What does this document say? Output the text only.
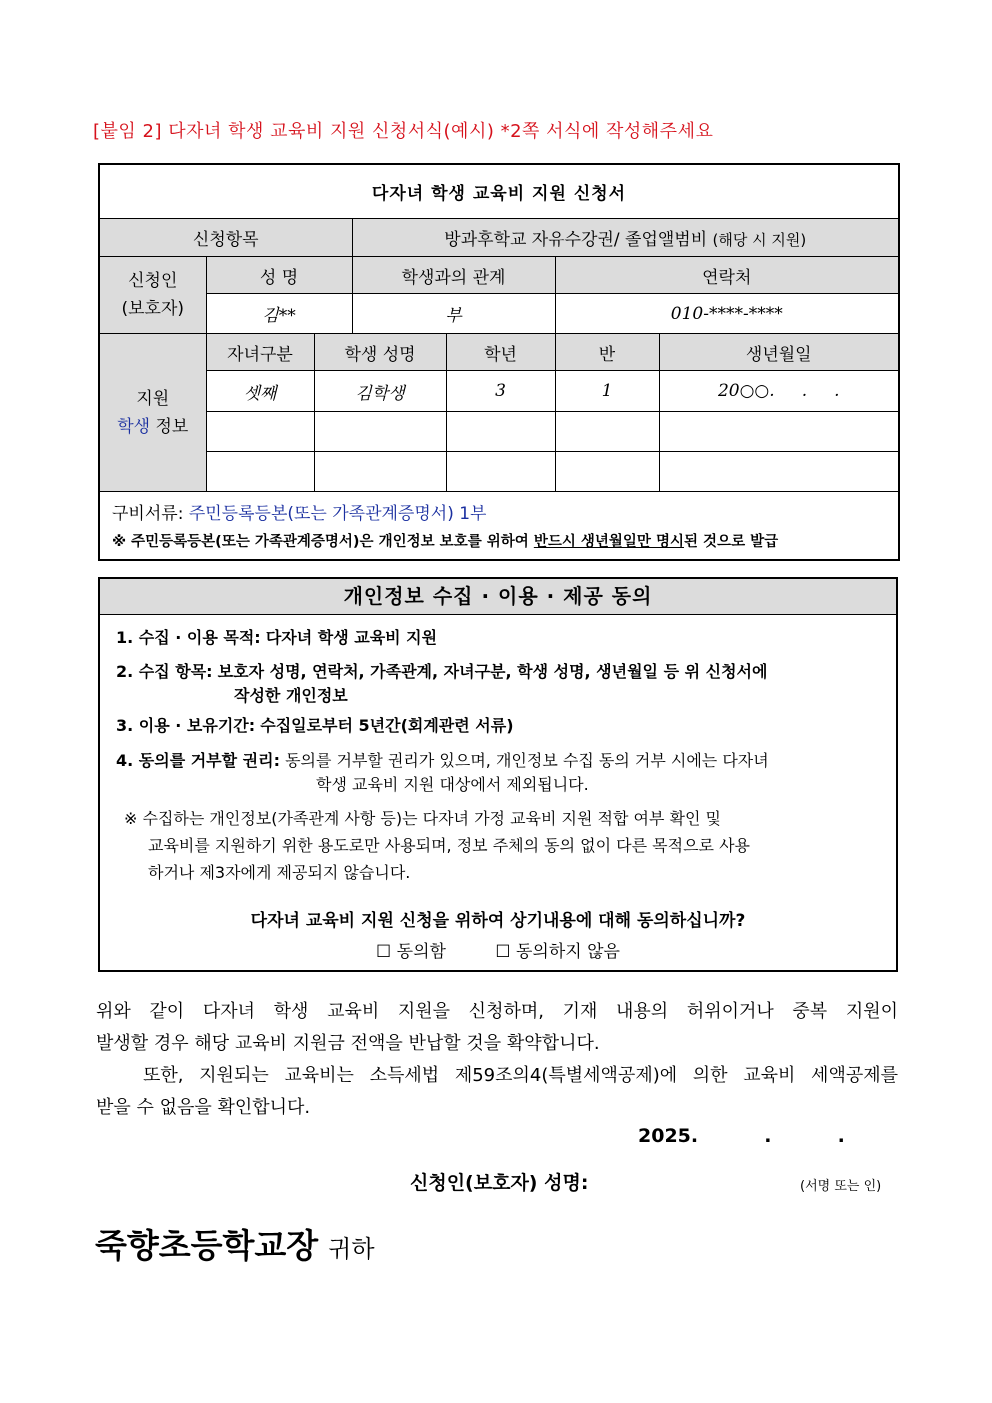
[붙임 2] 다자녀 학생 교육비 지원 신청서식(예시) *2쪽 서식에 작성해주세요
다자녀 학생 교육비 지원 신청서						
신청항목			방과후학교 자유수강권/ 졸업앨범비 (해당 시 지원)			
신청인
(보호자)	성 명		학생과의 관계		연락처	
	김**		부		010-****-****	
지원
학생 정보	자녀구분	학생 성명		학년	반	생년월일
	셋째	김학생		3	1	20○○.     .     .

구비서류: 주민등록등본(또는 가족관계증명서) 1부
※ 주민등록등본(또는 가족관계증명서)은 개인정보 보호를 위하여 반드시 생년월일만 명시된 것으로 발급						
개인정보 수집 · 이용 · 제공 동의
1. 수집 · 이용 목적: 다자녀 학생 교육비 지원
2. 수집 항목: 보호자 성명, 연락처, 가족관계, 자녀구분, 학생 성명, 생년월일 등 위 신청서에
작성한 개인정보
3. 이용 · 보유기간: 수집일로부터 5년간(회계관련 서류)
4. 동의를 거부할 권리: 동의를 거부할 권리가 있으며, 개인정보 수집 동의 거부 시에는 다자녀
학생 교육비 지원 대상에서 제외됩니다.
※ 수집하는 개인정보(가족관계 사항 등)는 다자녀 가정 교육비 지원 적합 여부 확인 및
교육비를 지원하기 위한 용도로만 사용되며, 정보 주체의 동의 없이 다른 목적으로 사용
하거나 제3자에게 제공되지 않습니다.
다자녀 교육비 지원 신청을 위하여 상기내용에 대해 동의하십니까?
☐ 동의함	☐ 동의하지 않음
위와 같이 다자녀 학생 교육비 지원을 신청하며, 기재 내용의 허위이거나 중복 지원이
발생할 경우 해당 교육비 지원금 전액을 반납할 것을 확약합니다.
또한, 지원되는 교육비는 소득세법 제59조의4(특별세액공제)에 의한 교육비 세액공제를
받을 수 없음을 확인합니다.
2025.          .          .
신청인(보호자) 성명:	(서명 또는 인)
죽향초등학교장 귀하
